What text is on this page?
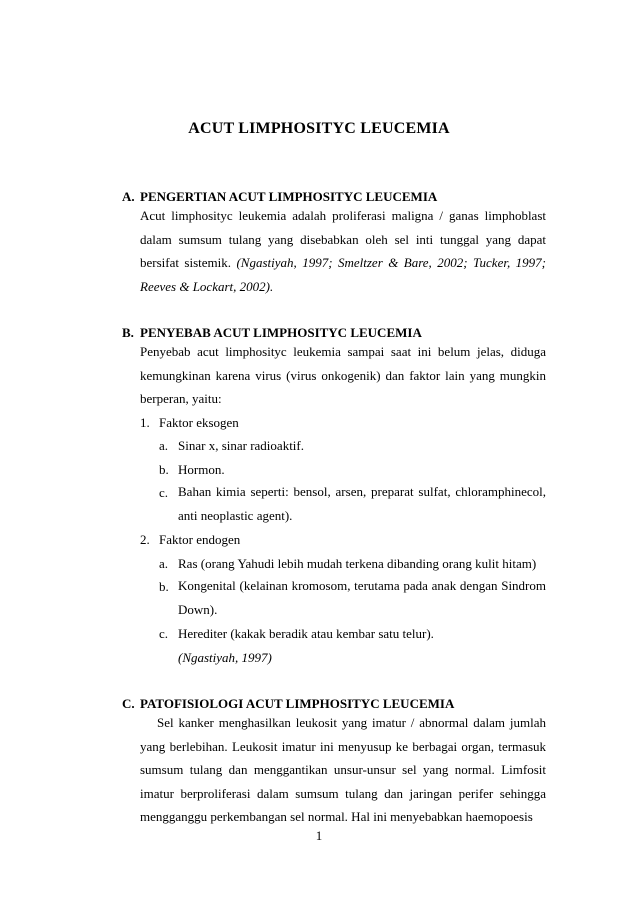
ACUT LIMPHOSITYC LEUCEMIA
A. PENGERTIAN ACUT LIMPHOSITYC LEUCEMIA
Acut limphosityc leukemia adalah proliferasi maligna / ganas limphoblast dalam sumsum tulang yang disebabkan oleh sel inti tunggal yang dapat bersifat sistemik. (Ngastiyah, 1997; Smeltzer & Bare, 2002; Tucker, 1997; Reeves & Lockart, 2002).
B. PENYEBAB ACUT LIMPHOSITYC LEUCEMIA
Penyebab acut limphosityc leukemia sampai saat ini belum jelas, diduga kemungkinan karena virus (virus onkogenik) dan faktor lain yang mungkin berperan, yaitu:
1. Faktor eksogen
a. Sinar x, sinar radioaktif.
b. Hormon.
c. Bahan kimia seperti: bensol, arsen, preparat sulfat, chloramphinecol, anti neoplastic agent).
2. Faktor endogen
a. Ras (orang Yahudi lebih mudah terkena dibanding orang kulit hitam)
b. Kongenital (kelainan kromosom, terutama pada anak dengan Sindrom Down).
c. Herediter (kakak beradik atau kembar satu telur).
(Ngastiyah, 1997)
C. PATOFISIOLOGI ACUT LIMPHOSITYC LEUCEMIA
Sel kanker menghasilkan leukosit yang imatur / abnormal dalam jumlah yang berlebihan. Leukosit imatur ini menyusup ke berbagai organ, termasuk sumsum tulang dan menggantikan unsur-unsur sel yang normal. Limfosit imatur berproliferasi dalam sumsum tulang dan jaringan perifer sehingga mengganggu perkembangan sel normal. Hal ini menyebabkan haemopoesis
1
